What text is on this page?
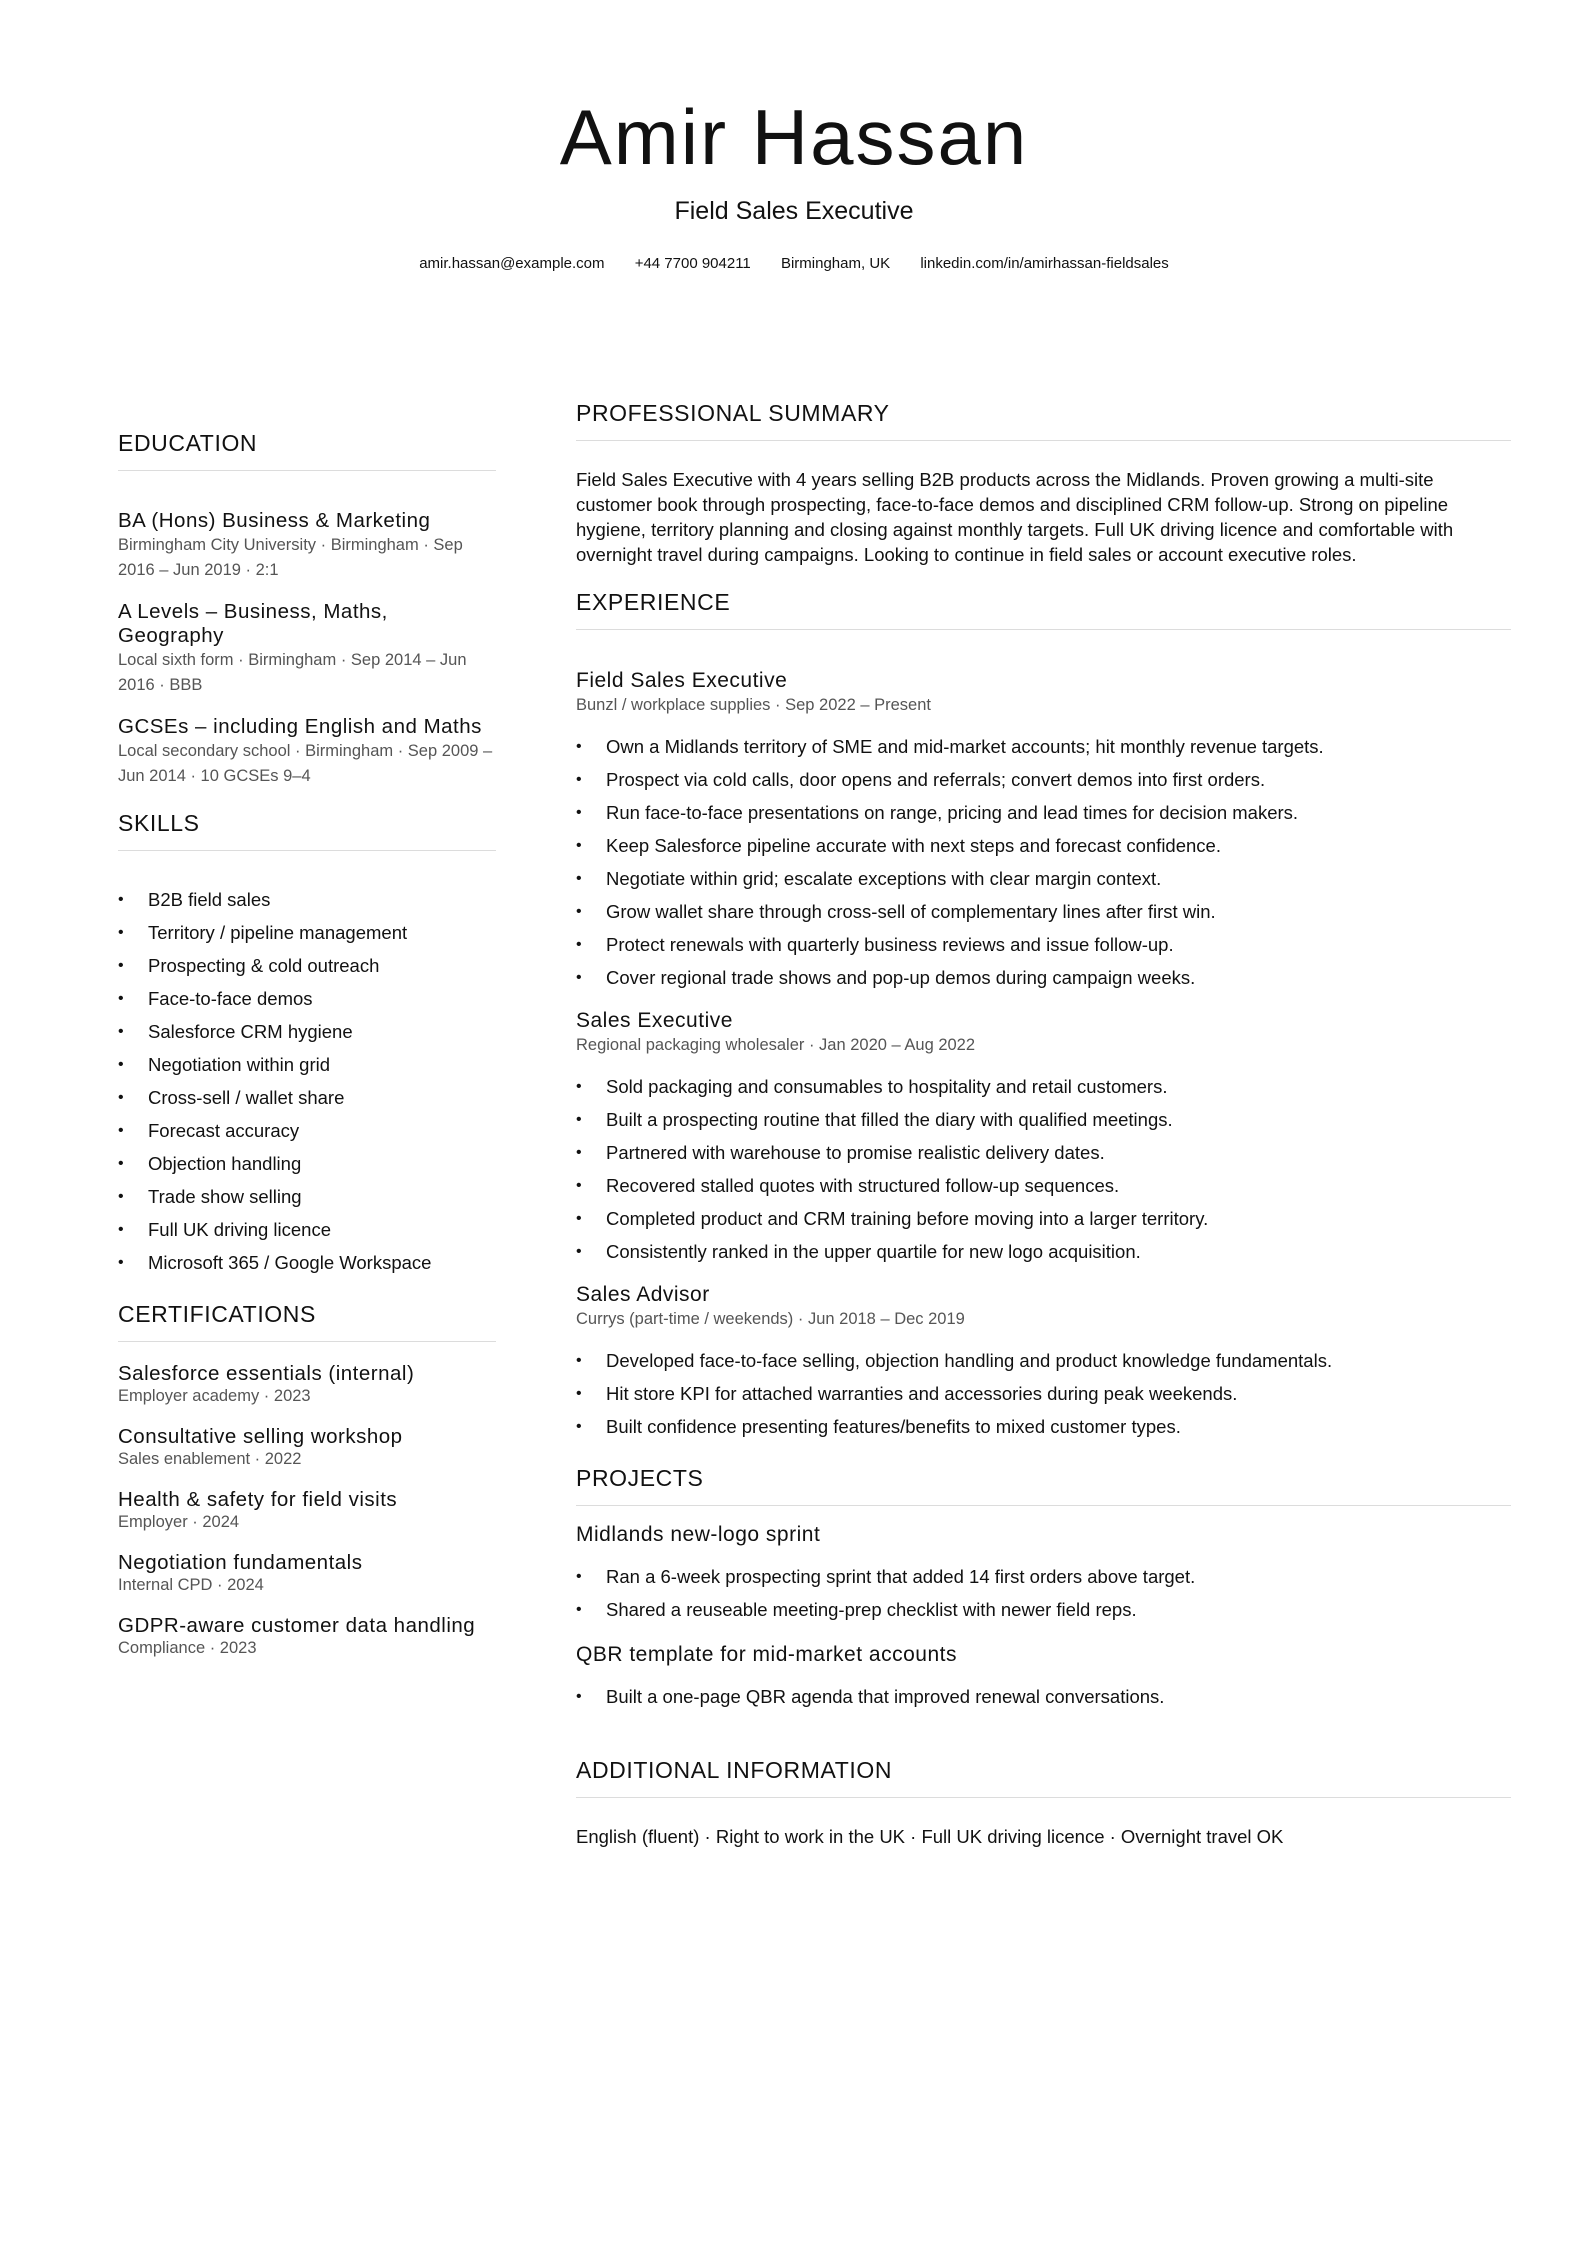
Amir Hassan
Field Sales Executive
amir.hassan@example.com +44 7700 904211 Birmingham, UK linkedin.com/in/amirhassan-fieldsales
EDUCATION
BA (Hons) Business & Marketing
Birmingham City University · Birmingham · Sep 2016 – Jun 2019 · 2:1
A Levels – Business, Maths, Geography
Local sixth form · Birmingham · Sep 2014 – Jun 2016 · BBB
GCSEs – including English and Maths
Local secondary school · Birmingham · Sep 2009 – Jun 2014 · 10 GCSEs 9–4
SKILLS
• B2B field sales
• Territory / pipeline management
• Prospecting & cold outreach
• Face-to-face demos
• Salesforce CRM hygiene
• Negotiation within grid
• Cross-sell / wallet share
• Forecast accuracy
• Objection handling
• Trade show selling
• Full UK driving licence
• Microsoft 365 / Google Workspace
CERTIFICATIONS
Salesforce essentials (internal)
Employer academy · 2023
Consultative selling workshop
Sales enablement · 2022
Health & safety for field visits
Employer · 2024
Negotiation fundamentals
Internal CPD · 2024
GDPR-aware customer data handling
Compliance · 2023
PROFESSIONAL SUMMARY
Field Sales Executive with 4 years selling B2B products across the Midlands. Proven growing a multi-site customer book through prospecting, face-to-face demos and disciplined CRM follow-up. Strong on pipeline hygiene, territory planning and closing against monthly targets. Full UK driving licence and comfortable with overnight travel during campaigns. Looking to continue in field sales or account executive roles.
EXPERIENCE
Field Sales Executive
Bunzl / workplace supplies · Sep 2022 – Present
• Own a Midlands territory of SME and mid-market accounts; hit monthly revenue targets.
• Prospect via cold calls, door opens and referrals; convert demos into first orders.
• Run face-to-face presentations on range, pricing and lead times for decision makers.
• Keep Salesforce pipeline accurate with next steps and forecast confidence.
• Negotiate within grid; escalate exceptions with clear margin context.
• Grow wallet share through cross-sell of complementary lines after first win.
• Protect renewals with quarterly business reviews and issue follow-up.
• Cover regional trade shows and pop-up demos during campaign weeks.
Sales Executive
Regional packaging wholesaler · Jan 2020 – Aug 2022
• Sold packaging and consumables to hospitality and retail customers.
• Built a prospecting routine that filled the diary with qualified meetings.
• Partnered with warehouse to promise realistic delivery dates.
• Recovered stalled quotes with structured follow-up sequences.
• Completed product and CRM training before moving into a larger territory.
• Consistently ranked in the upper quartile for new logo acquisition.
Sales Advisor
Currys (part-time / weekends) · Jun 2018 – Dec 2019
• Developed face-to-face selling, objection handling and product knowledge fundamentals.
• Hit store KPI for attached warranties and accessories during peak weekends.
• Built confidence presenting features/benefits to mixed customer types.
PROJECTS
Midlands new-logo sprint
• Ran a 6-week prospecting sprint that added 14 first orders above target.
• Shared a reuseable meeting-prep checklist with newer field reps.
QBR template for mid-market accounts
• Built a one-page QBR agenda that improved renewal conversations.
ADDITIONAL INFORMATION
English (fluent) · Right to work in the UK · Full UK driving licence · Overnight travel OK
